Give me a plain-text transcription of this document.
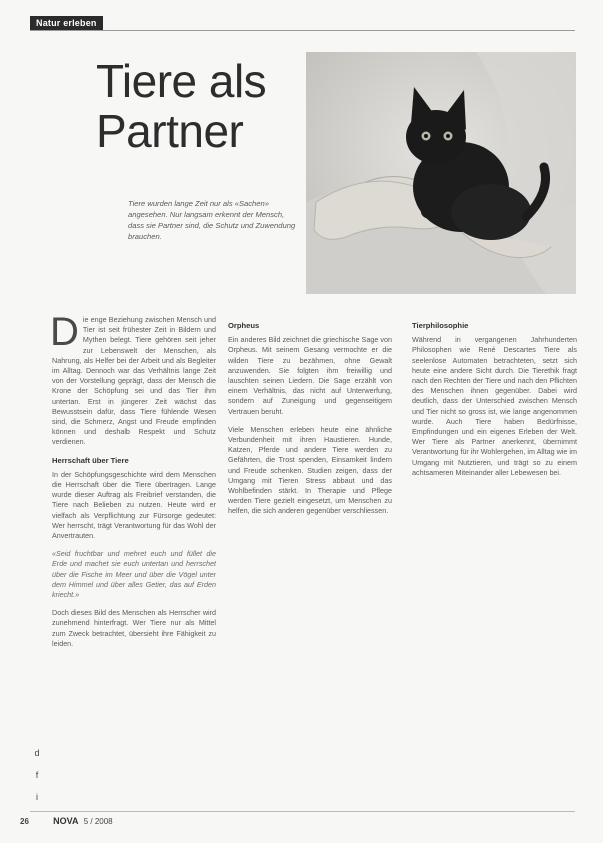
Natur erleben
Tiere als Partner
Tiere wurden lange Zeit nur als «Sachen» angesehen. Nur langsam erkennt der Mensch, dass sie Partner sind, die Schutz und Zuwendung brauchen.
Die enge Beziehung zwischen Mensch und Tier ist seit frühester Zeit in Bildern und Mythen belegt. Tiere gehören seit jeher zur Lebenswelt der Menschen, als Nahrung, als Helfer bei der Arbeit und als Begleiter im Alltag. Dennoch war das Verhältnis lange Zeit von der Vorstellung geprägt, dass der Mensch die Krone der Schöpfung sei und das Tier ihm untertan. Erst in jüngerer Zeit wächst das Bewusstsein dafür, dass Tiere fühlende Wesen sind, die Schmerz, Angst und Freude empfinden können und deshalb Respekt und Schutz verdienen.
Herrschaft über Tiere
In der Schöpfungsgeschichte wird dem Menschen die Herrschaft über die Tiere übertragen. Lange wurde dieser Auftrag als Freibrief verstanden, die Tiere nach Belieben zu nutzen. Heute wird er vielfach als Verpflichtung zur Fürsorge gedeutet: Wer herrscht, trägt Verantwortung für das Wohl der Anvertrauten.
«Seid fruchtbar und mehret euch und füllet die Erde und machet sie euch untertan und herrschet über die Fische im Meer und über die Vögel unter dem Himmel und über alles Getier, das auf Erden kriecht.»
Doch dieses Bild des Menschen als Herrscher wird zunehmend hinterfragt. Wer Tiere nur als Mittel zum Zweck betrachtet, übersieht ihre Fähigkeit zu leiden.
Orpheus
Ein anderes Bild zeichnet die griechische Sage von Orpheus. Mit seinem Gesang vermochte er die wilden Tiere zu bezähmen, ohne Gewalt anzuwenden. Sie folgten ihm freiwillig und lauschten seinen Liedern. Die Sage erzählt von einem Verhältnis, das nicht auf Unterwerfung, sondern auf Zuneigung und gegenseitigem Vertrauen beruht.
Viele Menschen erleben heute eine ähnliche Verbundenheit mit ihren Haustieren. Hunde, Katzen, Pferde und andere Tiere werden zu Gefährten, die Trost spenden, Einsamkeit lindern und Freude schenken. Studien zeigen, dass der Umgang mit Tieren Stress abbaut und das Wohlbefinden stärkt. In Therapie und Pflege werden Tiere gezielt eingesetzt, um Menschen zu helfen, die sich anderen gegenüber verschliessen.
Tierphilosophie
Während in vergangenen Jahrhunderten Philosophen wie René Descartes Tiere als seelenlose Automaten betrachteten, setzt sich heute eine andere Sicht durch. Die Tierethik fragt nach den Rechten der Tiere und nach den Pflichten des Menschen ihnen gegenüber. Dabei wird deutlich, dass der Unterschied zwischen Mensch und Tier nicht so gross ist, wie lange angenommen wurde. Auch Tiere haben Bedürfnisse, Empfindungen und ein eigenes Erleben der Welt. Wer Tiere als Partner anerkennt, übernimmt Verantwortung für ihr Wohlergehen, im Alltag wie im Umgang mit Nutztieren, und trägt so zu einem achtsameren Miteinander aller Lebewesen bei.
d
f
i
26	NOVA 5 / 2008
